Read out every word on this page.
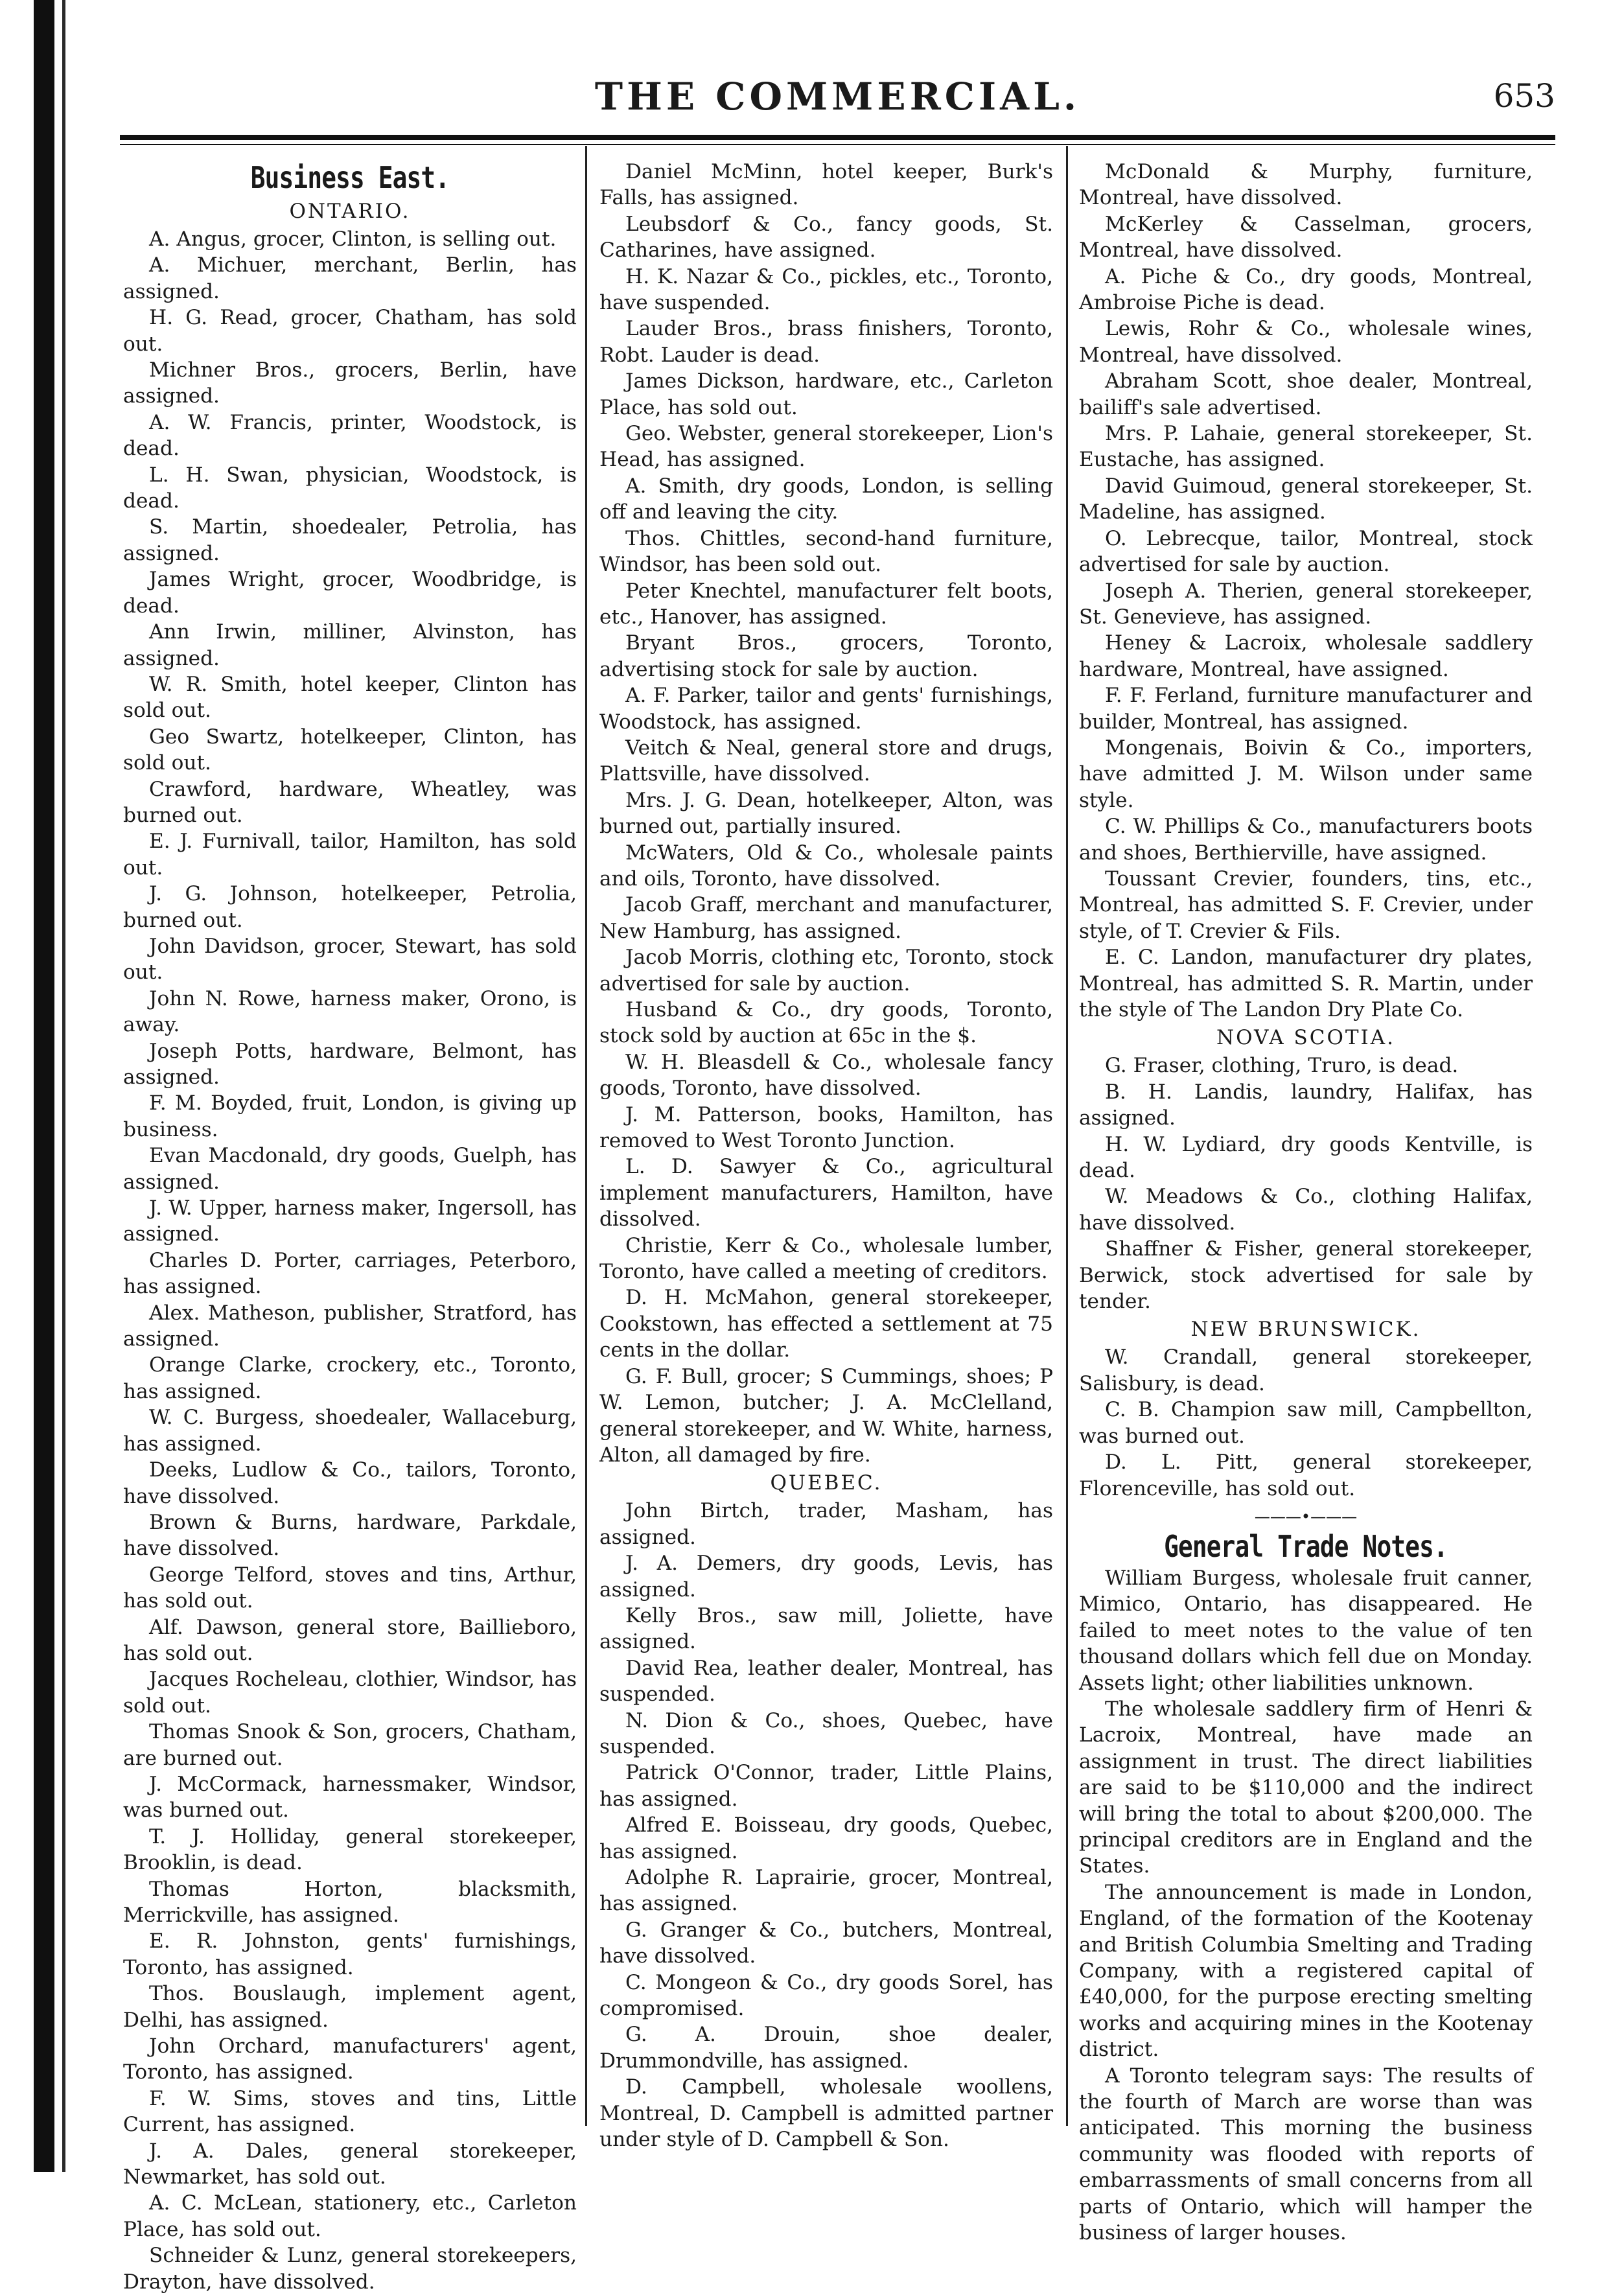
THE COMMERCIAL.	653
Business East.
ONTARIO.

A. Angus, grocer, Clinton, is selling out.

A. Michuer, merchant, Berlin, has assigned.

H. G. Read, grocer, Chatham, has sold out.

Michner Bros., grocers, Berlin, have assigned.

A. W. Francis, printer, Woodstock, is dead.

L. H. Swan, physician, Woodstock, is dead.

S. Martin, shoedealer, Petrolia, has assigned.

James Wright, grocer, Woodbridge, is dead.

Ann Irwin, milliner, Alvinston, has assigned.

W. R. Smith, hotel keeper, Clinton has sold out.

Geo Swartz, hotelkeeper, Clinton, has sold out.

Crawford, hardware, Wheatley, was burned out.

E. J. Furnivall, tailor, Hamilton, has sold out.

J. G. Johnson, hotelkeeper, Petrolia, burned out.

John Davidson, grocer, Stewart, has sold out.

John N. Rowe, harness maker, Orono, is away.

Joseph Potts, hardware, Belmont, has assigned.

F. M. Boyded, fruit, London, is giving up business.

Evan Macdonald, dry goods, Guelph, has assigned.

J. W. Upper, harness maker, Ingersoll, has assigned.

Charles D. Porter, carriages, Peterboro, has assigned.

Alex. Matheson, publisher, Stratford, has assigned.

Orange Clarke, crockery, etc., Toronto, has assigned.

W. C. Burgess, shoedealer, Wallaceburg, has assigned.

Deeks, Ludlow & Co., tailors, Toronto, have dissolved.

Brown & Burns, hardware, Parkdale, have dissolved.

George Telford, stoves and tins, Arthur, has sold out.

Alf. Dawson, general store, Baillieboro, has sold out.

Jacques Rocheleau, clothier, Windsor, has sold out.

Thomas Snook & Son, grocers, Chatham, are burned out.

J. McCormack, harnessmaker, Windsor, was burned out.

T. J. Holliday, general storekeeper, Brooklin, is dead.

Thomas Horton, blacksmith, Merrickville, has assigned.

E. R. Johnston, gents' furnishings, Toronto, has assigned.

Thos. Bouslaugh, implement agent, Delhi, has assigned.

John Orchard, manufacturers' agent, Toronto, has assigned.

F. W. Sims, stoves and tins, Little Current, has assigned.

J. A. Dales, general storekeeper, Newmarket, has sold out.

A. C. McLean, stationery, etc., Carleton Place, has sold out.

Schneider & Lunz, general storekeepers, Drayton, have dissolved.

Daniel McMinn, hotel keeper, Burk's Falls, has assigned.

Leubsdorf & Co., fancy goods, St. Catharines, have assigned.

H. K. Nazar & Co., pickles, etc., Toronto, have suspended.

Lauder Bros., brass finishers, Toronto, Robt. Lauder is dead.

James Dickson, hardware, etc., Carleton Place, has sold out.

Geo. Webster, general storekeeper, Lion's Head, has assigned.

A. Smith, dry goods, London, is selling off and leaving the city.

Thos. Chittles, second-hand furniture, Windsor, has been sold out.

Peter Knechtel, manufacturer felt boots, etc., Hanover, has assigned.

Bryant Bros., grocers, Toronto, advertising stock for sale by auction.

A. F. Parker, tailor and gents' furnishings, Woodstock, has assigned.

Veitch & Neal, general store and drugs, Plattsville, have dissolved.

Mrs. J. G. Dean, hotelkeeper, Alton, was burned out, partially insured.

McWaters, Old & Co., wholesale paints and oils, Toronto, have dissolved.

Jacob Graff, merchant and manufacturer, New Hamburg, has assigned.

Jacob Morris, clothing etc, Toronto, stock advertised for sale by auction.

Husband & Co., dry goods, Toronto, stock sold by auction at 65c in the $.

W. H. Bleasdell & Co., wholesale fancy goods, Toronto, have dissolved.

J. M. Patterson, books, Hamilton, has removed to West Toronto Junction.

L. D. Sawyer & Co., agricultural implement manufacturers, Hamilton, have dissolved.

Christie, Kerr & Co., wholesale lumber, Toronto, have called a meeting of creditors.

D. H. McMahon, general storekeeper, Cookstown, has effected a settlement at 75 cents in the dollar.

G. F. Bull, grocer; S Cummings, shoes; P W. Lemon, butcher; J. A. McClelland, general storekeeper, and W. White, harness, Alton, all damaged by fire.

QUEBEC.

John Birtch, trader, Masham, has assigned.

J. A. Demers, dry goods, Levis, has assigned.

Kelly Bros., saw mill, Joliette, have assigned.

David Rea, leather dealer, Montreal, has suspended.

N. Dion & Co., shoes, Quebec, have suspended.

Patrick O'Connor, trader, Little Plains, has assigned.

Alfred E. Boisseau, dry goods, Quebec, has assigned.

Adolphe R. Laprairie, grocer, Montreal, has assigned.

G. Granger & Co., butchers, Montreal, have dissolved.

C. Mongeon & Co., dry goods Sorel, has compromised.

G. A. Drouin, shoe dealer, Drummondville, has assigned.

D. Campbell, wholesale woollens, Montreal, D. Campbell is admitted partner under style of D. Campbell & Son.

McDonald & Murphy, furniture, Montreal, have dissolved.

McKerley & Casselman, grocers, Montreal, have dissolved.

A. Piche & Co., dry goods, Montreal, Ambroise Piche is dead.

Lewis, Rohr & Co., wholesale wines, Montreal, have dissolved.

Abraham Scott, shoe dealer, Montreal, bailiff's sale advertised.

Mrs. P. Lahaie, general storekeeper, St. Eustache, has assigned.

David Guimoud, general storekeeper, St. Madeline, has assigned.

O. Lebrecque, tailor, Montreal, stock advertised for sale by auction.

Joseph A. Therien, general storekeeper, St. Genevieve, has assigned.

Heney & Lacroix, wholesale saddlery hardware, Montreal, have assigned.

F. F. Ferland, furniture manufacturer and builder, Montreal, has assigned.

Mongenais, Boivin & Co., importers, have admitted J. M. Wilson under same style.

C. W. Phillips & Co., manufacturers boots and shoes, Berthierville, have assigned.

Toussant Crevier, founders, tins, etc., Montreal, has admitted S. F. Crevier, under style, of T. Crevier & Fils.

E. C. Landon, manufacturer dry plates, Montreal, has admitted S. R. Martin, under the style of The Landon Dry Plate Co.

NOVA SCOTIA.

G. Fraser, clothing, Truro, is dead.

B. H. Landis, laundry, Halifax, has assigned.

H. W. Lydiard, dry goods Kentville, is dead.

W. Meadows & Co., clothing Halifax, have dissolved.

Shaffner & Fisher, general storekeeper, Berwick, stock advertised for sale by tender.

NEW BRUNSWICK.

W. Crandall, general storekeeper, Salisbury, is dead.

C. B. Champion saw mill, Campbellton, was burned out.

D. L. Pitt, general storekeeper, Florenceville, has sold out.

———•———
General Trade Notes.

William Burgess, wholesale fruit canner, Mimico, Ontario, has disappeared. He failed to meet notes to the value of ten thousand dollars which fell due on Monday. Assets light; other liabilities unknown.

The wholesale saddlery firm of Henri & Lacroix, Montreal, have made an assignment in trust. The direct liabilities are said to be $110,000 and the indirect will bring the total to about $200,000. The principal creditors are in England and the States.

The announcement is made in London, England, of the formation of the Kootenay and British Columbia Smelting and Trading Company, with a registered capital of £40,000, for the purpose erecting smelting works and acquiring mines in the Kootenay district.

A Toronto telegram says: The results of the fourth of March are worse than was anticipated. This morning the business community was flooded with reports of embarrassments of small concerns from all parts of Ontario, which will hamper the business of larger houses.
